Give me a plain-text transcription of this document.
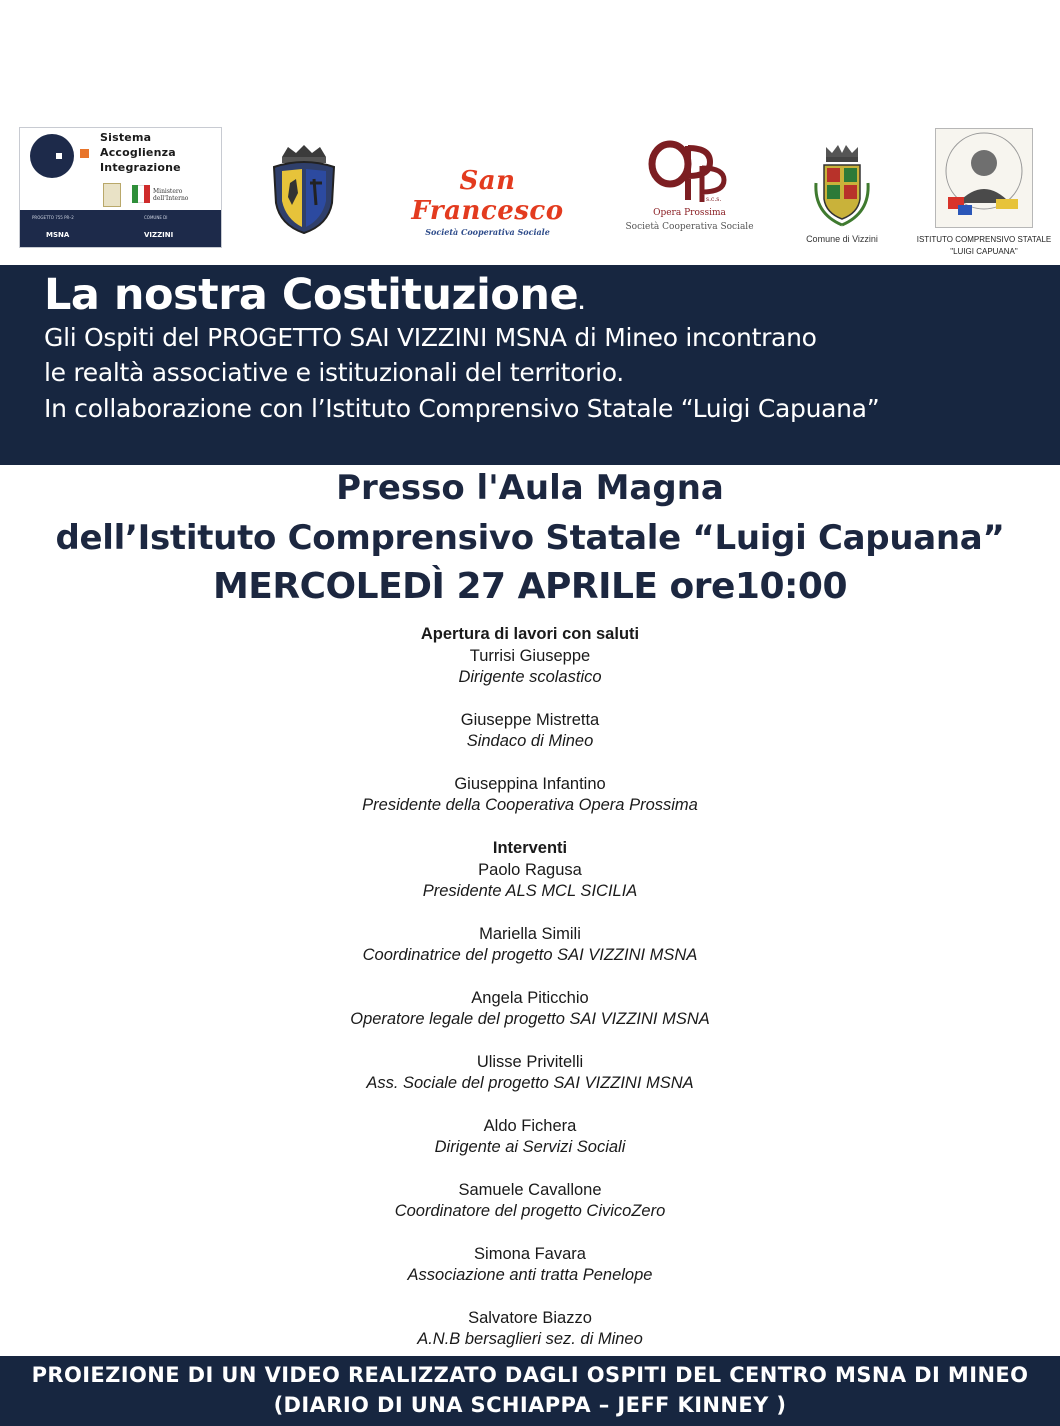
Sistema
Accoglienza
Integrazione
Ministero dell'Interno
PROGETTO 755 PR–2	COMUNE DI
MSNA	VIZZINI
San Francesco
Società Cooperativa Sociale
s.c.s.
Opera Prossima
Società Cooperativa Sociale
Comune di Vizzini	ISTITUTO COMPRENSIVO STATALE
"LUIGI CAPUANA"
La nostra Costituzione.
Gli Ospiti del PROGETTO SAI VIZZINI MSNA di Mineo incontrano
le realtà associative e istituzionali del territorio.
In collaborazione con l’Istituto Comprensivo Statale “Luigi Capuana”
Presso l'Aula Magna
dell’Istituto Comprensivo Statale “Luigi Capuana”
MERCOLEDÌ 27 APRILE ore10:00
Apertura di lavori con saluti
Turrisi Giuseppe
Dirigente scolastico
Giuseppe Mistretta
Sindaco di Mineo
Giuseppina Infantino
Presidente della Cooperativa Opera Prossima
Interventi
Paolo Ragusa
Presidente ALS MCL SICILIA
Mariella Simili
Coordinatrice del progetto SAI VIZZINI MSNA
Angela Piticchio
Operatore legale del progetto SAI VIZZINI MSNA
Ulisse Privitelli
Ass. Sociale del progetto SAI VIZZINI MSNA
Aldo Fichera
Dirigente ai Servizi Sociali
Samuele Cavallone
Coordinatore del progetto CivicoZero
Simona Favara
Associazione anti tratta Penelope
Salvatore Biazzo
A.N.B bersaglieri sez. di Mineo
PROIEZIONE DI UN VIDEO REALIZZATO DAGLI OSPITI DEL CENTRO MSNA DI MINEO
(DIARIO DI UNA SCHIAPPA – JEFF KINNEY )
